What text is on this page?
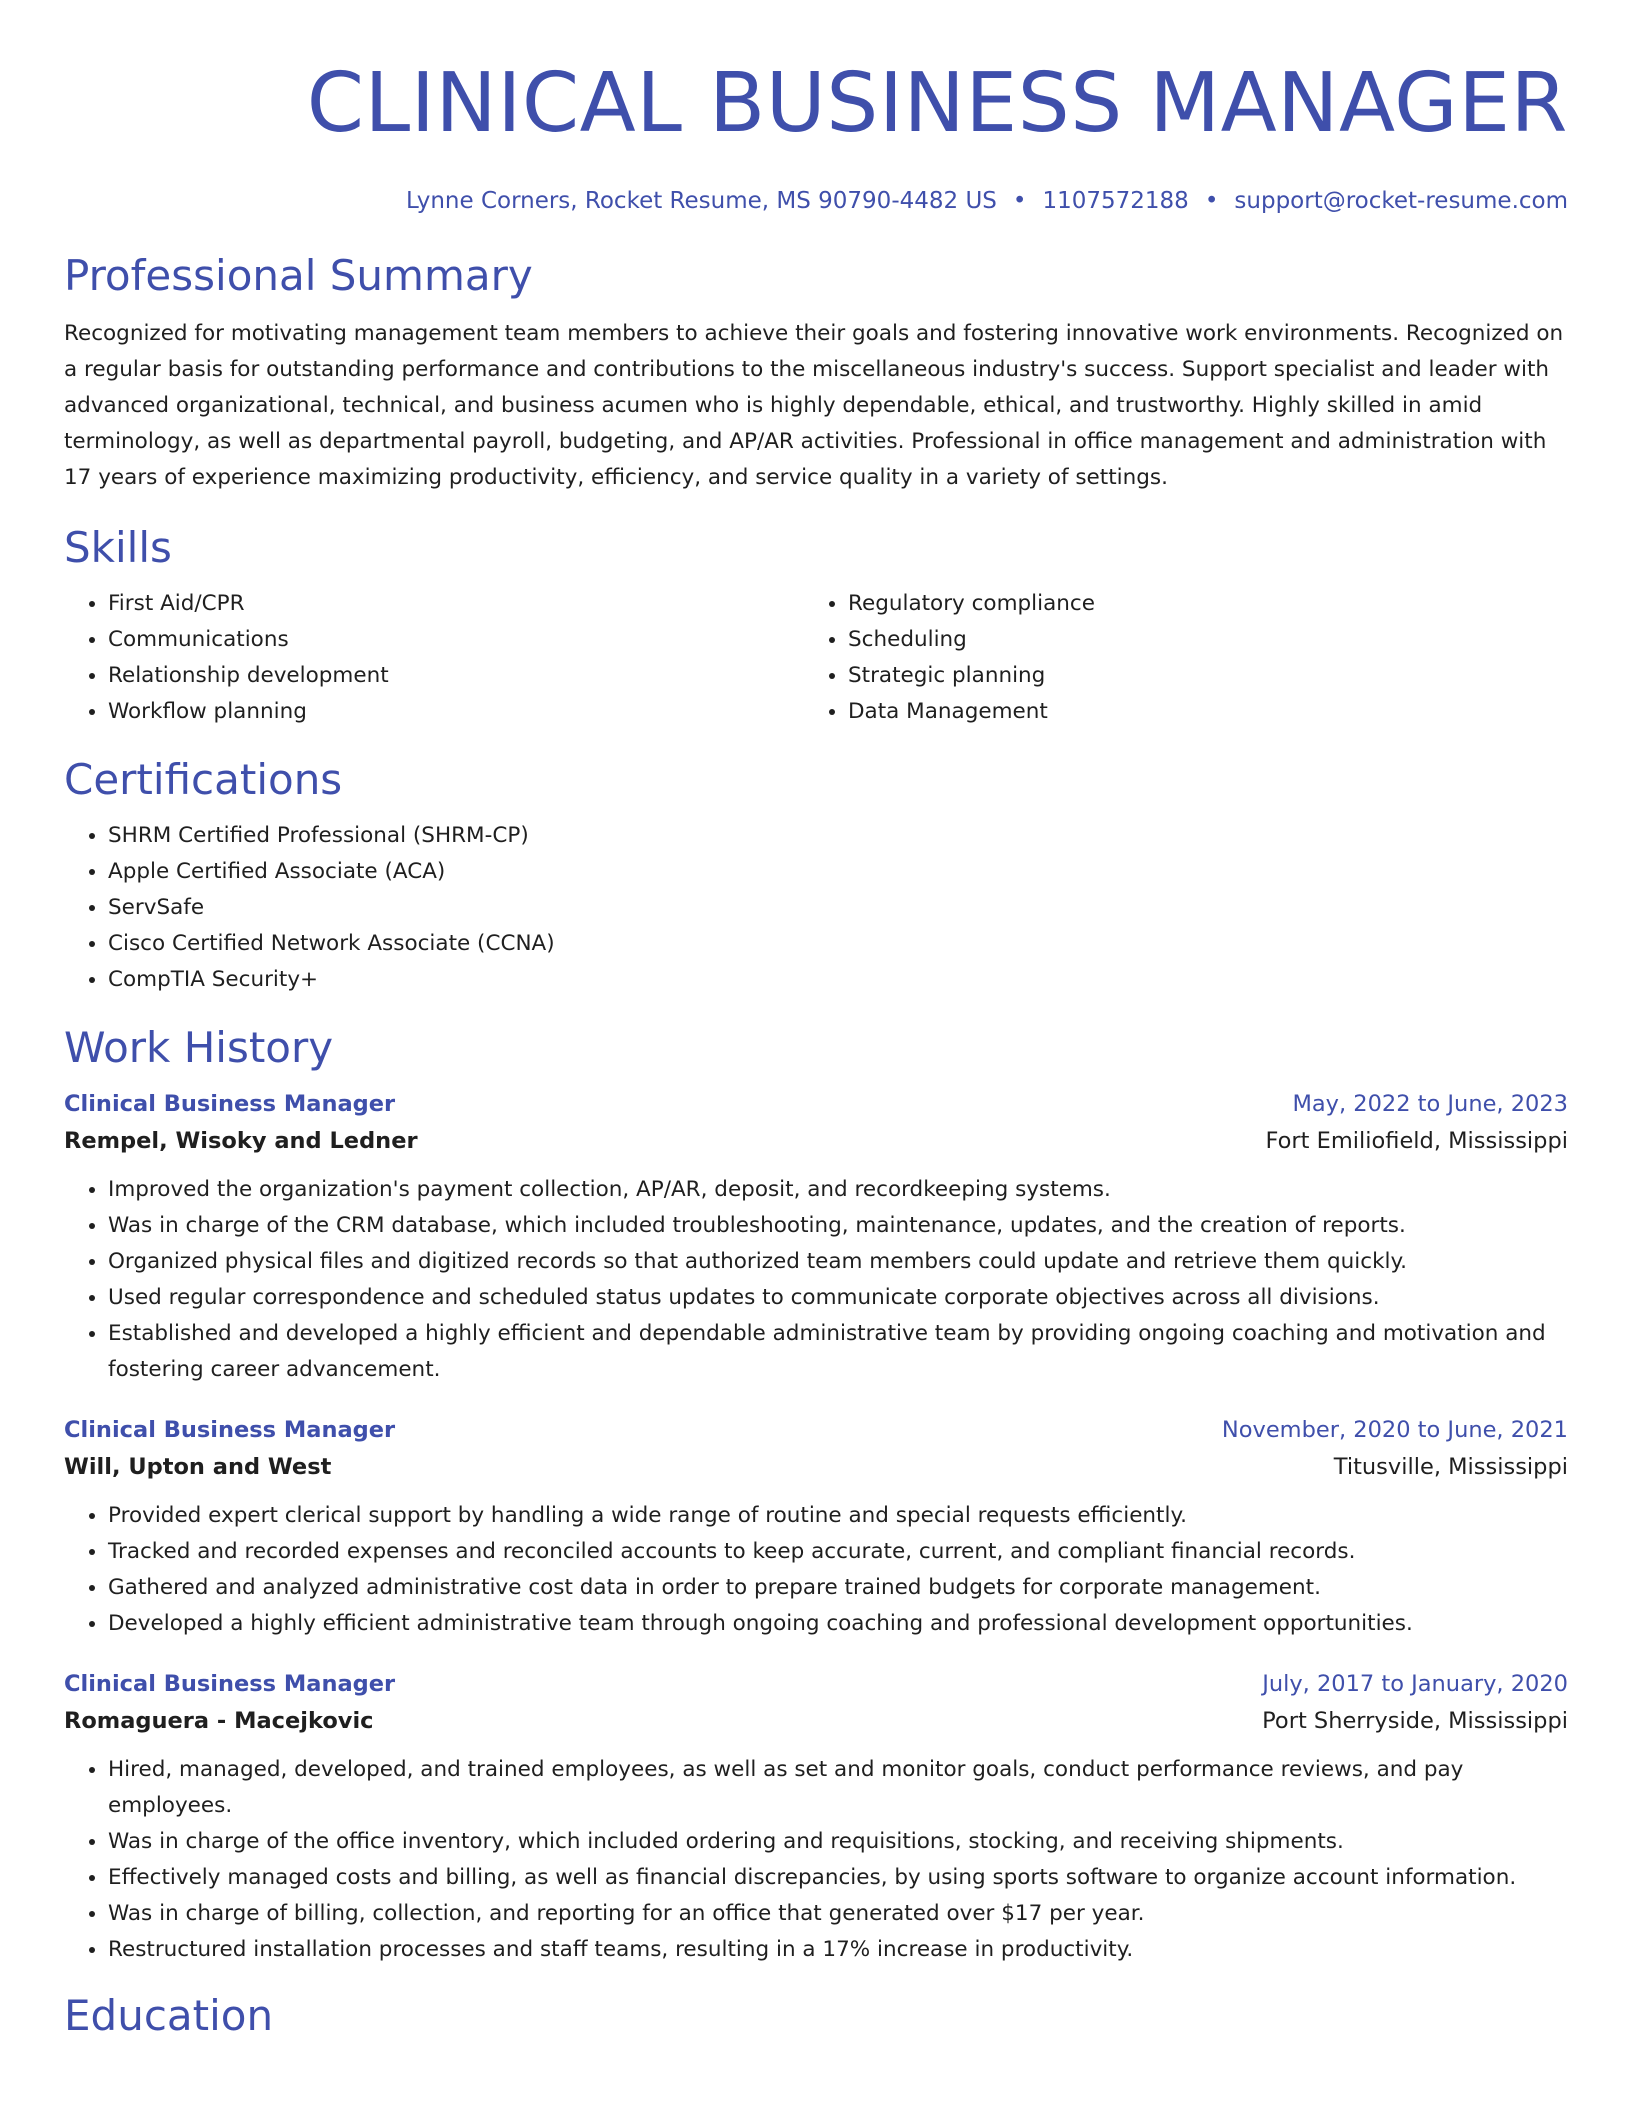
CLINICAL BUSINESS MANAGER
Lynne Corners, Rocket Resume, MS 90790-4482 US • 1107572188 • support@rocket-resume.com
Professional Summary
Recognized for motivating management team members to achieve their goals and fostering innovative work environments. Recognized on a regular basis for outstanding performance and contributions to the miscellaneous industry's success. Support specialist and leader with advanced organizational, technical, and business acumen who is highly dependable, ethical, and trustworthy. Highly skilled in amid terminology, as well as departmental payroll, budgeting, and AP/AR activities. Professional in office management and administration with 17 years of experience maximizing productivity, efficiency, and service quality in a variety of settings.
Skills
• First Aid/CPR
• Communications
• Relationship development
• Workflow planning
• Regulatory compliance
• Scheduling
• Strategic planning
• Data Management
Certifications
• SHRM Certified Professional (SHRM-CP)
• Apple Certified Associate (ACA)
• ServSafe
• Cisco Certified Network Associate (CCNA)
• CompTIA Security+
Work History
Clinical Business Manager	May, 2022 to June, 2023
Rempel, Wisoky and Ledner	Fort Emiliofield, Mississippi
• Improved the organization's payment collection, AP/AR, deposit, and recordkeeping systems.
• Was in charge of the CRM database, which included troubleshooting, maintenance, updates, and the creation of reports.
• Organized physical files and digitized records so that authorized team members could update and retrieve them quickly.
• Used regular correspondence and scheduled status updates to communicate corporate objectives across all divisions.
• Established and developed a highly efficient and dependable administrative team by providing ongoing coaching and motivation and fostering career advancement.
Clinical Business Manager	November, 2020 to June, 2021
Will, Upton and West	Titusville, Mississippi
• Provided expert clerical support by handling a wide range of routine and special requests efficiently.
• Tracked and recorded expenses and reconciled accounts to keep accurate, current, and compliant financial records.
• Gathered and analyzed administrative cost data in order to prepare trained budgets for corporate management.
• Developed a highly efficient administrative team through ongoing coaching and professional development opportunities.
Clinical Business Manager	July, 2017 to January, 2020
Romaguera - Macejkovic	Port Sherryside, Mississippi
• Hired, managed, developed, and trained employees, as well as set and monitor goals, conduct performance reviews, and pay employees.
• Was in charge of the office inventory, which included ordering and requisitions, stocking, and receiving shipments.
• Effectively managed costs and billing, as well as financial discrepancies, by using sports software to organize account information.
• Was in charge of billing, collection, and reporting for an office that generated over $17 per year.
• Restructured installation processes and staff teams, resulting in a 17% increase in productivity.
Education
